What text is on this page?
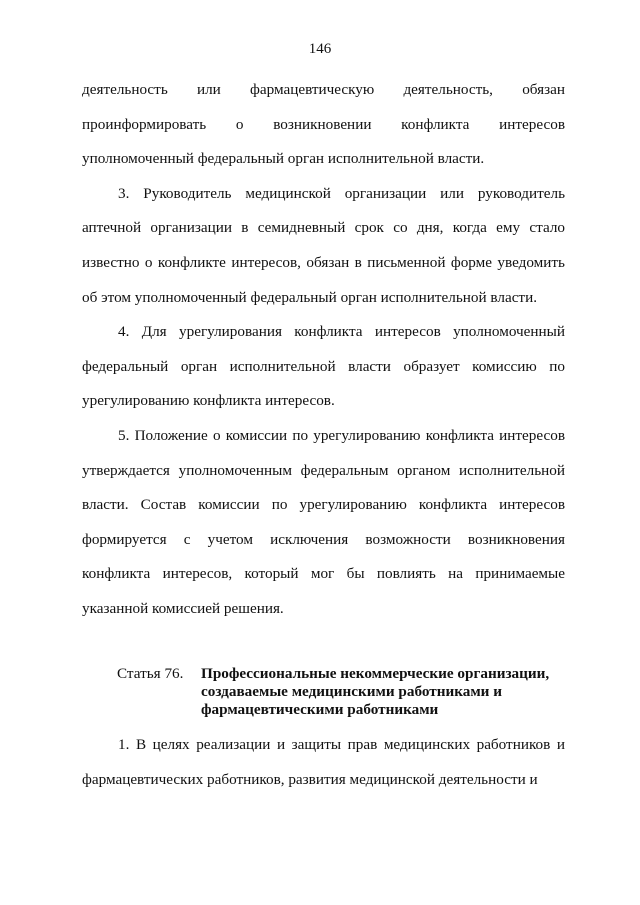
146

деятельность или фармацевтическую деятельность, обязан проинформировать о возникновении конфликта интересов уполномоченный федеральный орган исполнительной власти.

3. Руководитель медицинской организации или руководитель аптечной организации в семидневный срок со дня, когда ему стало известно о конфликте интересов, обязан в письменной форме уведомить об этом уполномоченный федеральный орган исполнительной власти.

4. Для урегулирования конфликта интересов уполномоченный федеральный орган исполнительной власти образует комиссию по урегулированию конфликта интересов.

5. Положение о комиссии по урегулированию конфликта интересов утверждается уполномоченным федеральным органом исполнительной власти. Состав комиссии по урегулированию конфликта интересов формируется с учетом исключения возможности возникновения конфликта интересов, который мог бы повлиять на принимаемые указанной комиссией решения.

Статья 76.	Профессиональные некоммерческие организации,
создаваемые медицинскими работниками и
фармацевтическими работниками

1. В целях реализации и защиты прав медицинских работников и фармацевтических работников, развития медицинской деятельности и
